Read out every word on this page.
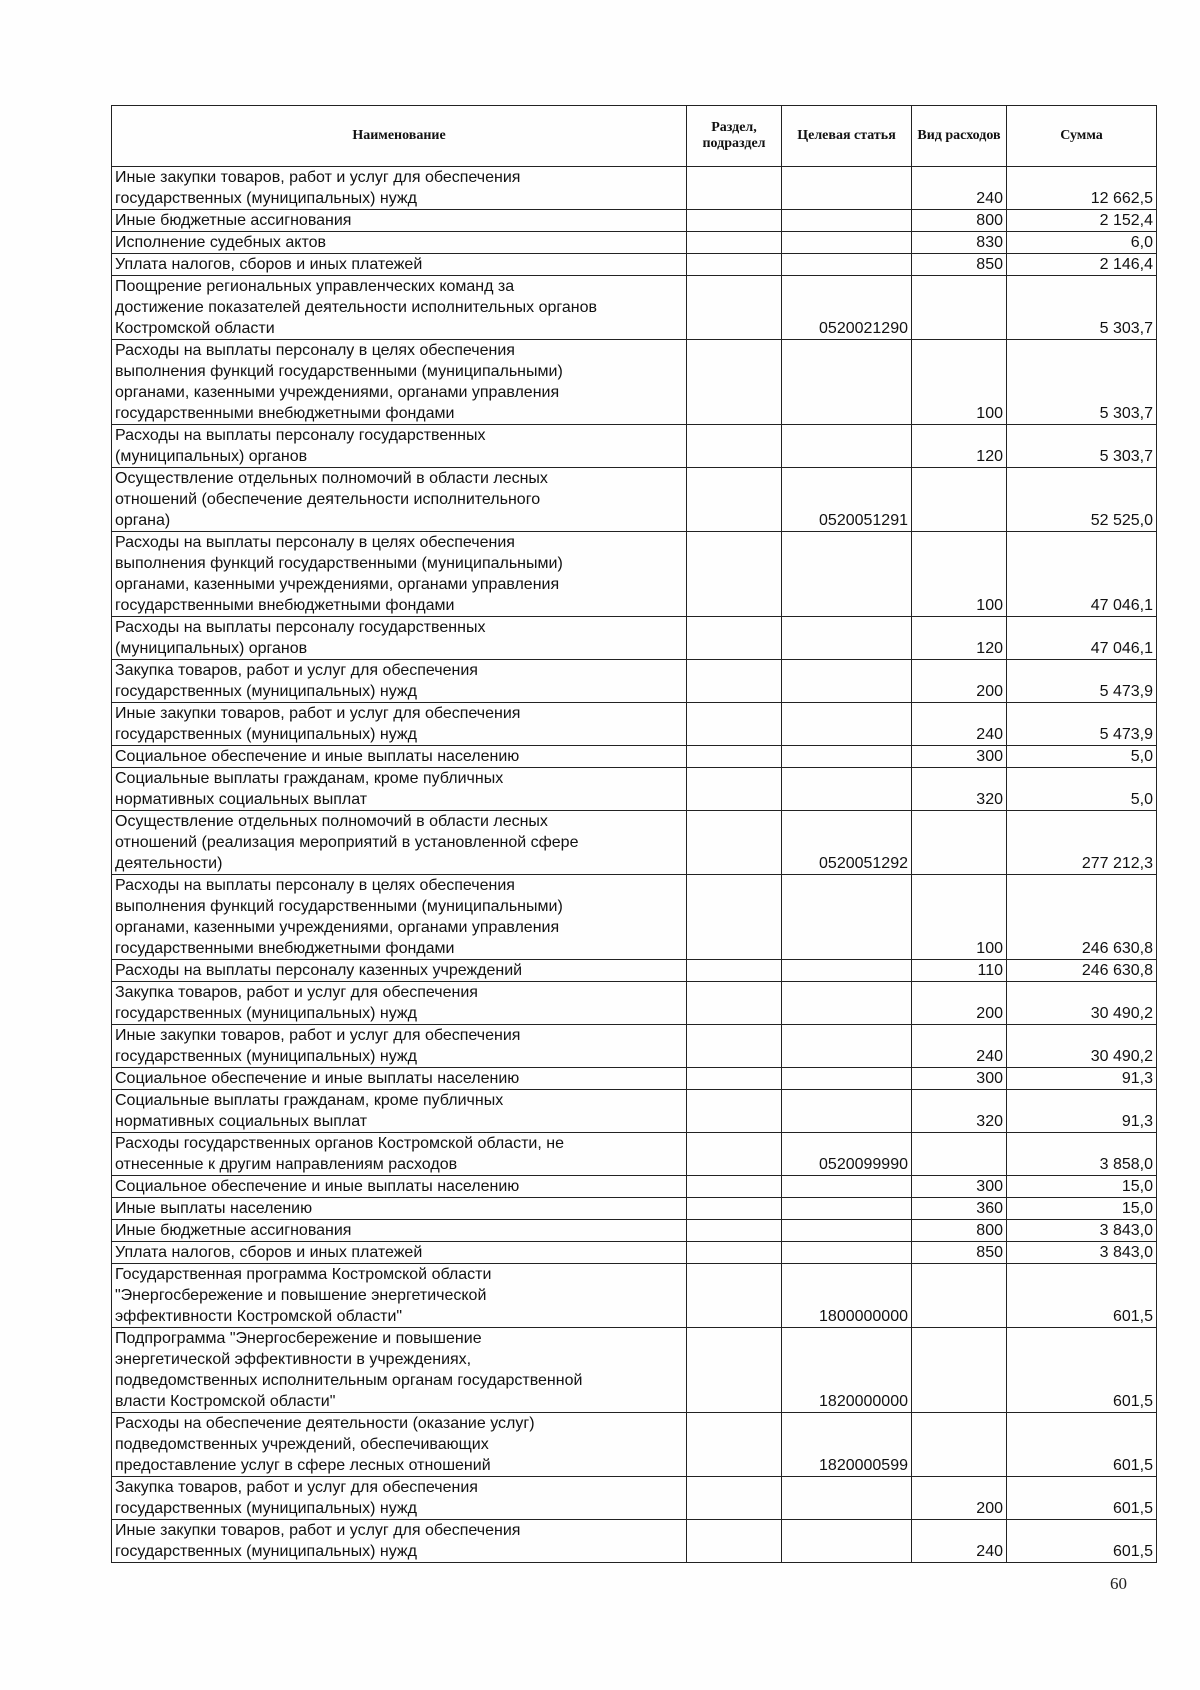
Наименование	Раздел, подраздел	Целевая статья	Вид расходов	Сумма
Иные закупки товаров, работ и услуг для обеспечения
государственных (муниципальных) нужд			240	12 662,5
Иные бюджетные ассигнования			800	2 152,4
Исполнение судебных актов			830	6,0
Уплата налогов, сборов и иных платежей			850	2 146,4
Поощрение региональных управленческих команд за
достижение показателей деятельности исполнительных органов
Костромской области		0520021290		5 303,7
Расходы на выплаты персоналу в целях обеспечения
выполнения функций государственными (муниципальными)
органами, казенными учреждениями, органами управления
государственными внебюджетными фондами			100	5 303,7
Расходы на выплаты персоналу государственных
(муниципальных) органов			120	5 303,7
Осуществление отдельных полномочий в области лесных
отношений (обеспечение деятельности исполнительного
органа)		0520051291		52 525,0
Расходы на выплаты персоналу в целях обеспечения
выполнения функций государственными (муниципальными)
органами, казенными учреждениями, органами управления
государственными внебюджетными фондами			100	47 046,1
Расходы на выплаты персоналу государственных
(муниципальных) органов			120	47 046,1
Закупка товаров, работ и услуг для обеспечения
государственных (муниципальных) нужд			200	5 473,9
Иные закупки товаров, работ и услуг для обеспечения
государственных (муниципальных) нужд			240	5 473,9
Социальное обеспечение и иные выплаты населению			300	5,0
Социальные выплаты гражданам, кроме публичных
нормативных социальных выплат			320	5,0
Осуществление отдельных полномочий в области лесных
отношений (реализация мероприятий в установленной сфере
деятельности)		0520051292		277 212,3
Расходы на выплаты персоналу в целях обеспечения
выполнения функций государственными (муниципальными)
органами, казенными учреждениями, органами управления
государственными внебюджетными фондами			100	246 630,8
Расходы на выплаты персоналу казенных учреждений			110	246 630,8
Закупка товаров, работ и услуг для обеспечения
государственных (муниципальных) нужд			200	30 490,2
Иные закупки товаров, работ и услуг для обеспечения
государственных (муниципальных) нужд			240	30 490,2
Социальное обеспечение и иные выплаты населению			300	91,3
Социальные выплаты гражданам, кроме публичных
нормативных социальных выплат			320	91,3
Расходы государственных органов Костромской области, не
отнесенные к другим направлениям расходов		0520099990		3 858,0
Социальное обеспечение и иные выплаты населению			300	15,0
Иные выплаты населению			360	15,0
Иные бюджетные ассигнования			800	3 843,0
Уплата налогов, сборов и иных платежей			850	3 843,0
Государственная программа Костромской области
"Энергосбережение и повышение энергетической
эффективности Костромской области"		1800000000		601,5
Подпрограмма "Энергосбережение и повышение
энергетической эффективности в учреждениях,
подведомственных исполнительным органам государственной
власти Костромской области"		1820000000		601,5
Расходы на обеспечение деятельности (оказание услуг)
подведомственных учреждений, обеспечивающих
предоставление услуг в сфере лесных отношений		1820000599		601,5
Закупка товаров, работ и услуг для обеспечения
государственных (муниципальных) нужд			200	601,5
Иные закупки товаров, работ и услуг для обеспечения
государственных (муниципальных) нужд			240	601,5
60
